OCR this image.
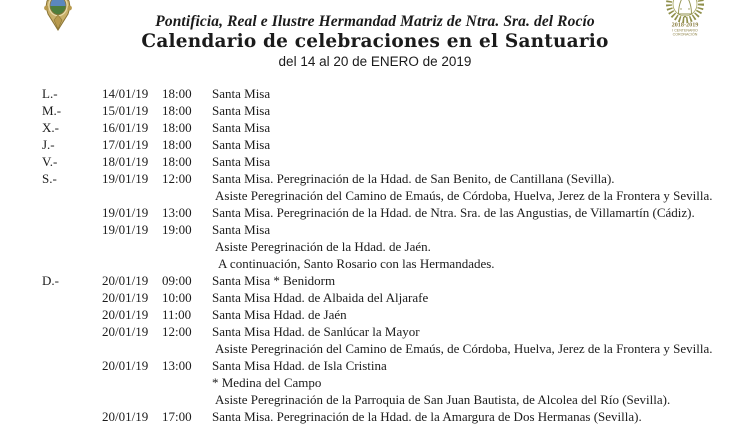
2018-2019
I CENTENARIO
CORONACIÓN
Pontificia, Real e Ilustre Hermandad Matriz de Ntra. Sra. del Rocío
Calendario de celebraciones en el Santuario
del 14 al 20 de ENERO de 2019
L.-	14/01/19	18:00	Santa Misa
M.-	15/01/19	18:00	Santa Misa
X.-	16/01/19	18:00	Santa Misa
J.-	17/01/19	18:00	Santa Misa
V.-	18/01/19	18:00	Santa Misa
S.-	19/01/19	12:00	Santa Misa. Peregrinación de la Hdad. de San Benito, de Cantillana (Sevilla).
			Asiste Peregrinación del Camino de Emaús, de Córdoba, Huelva, Jerez de la Frontera y Sevilla.
	19/01/19	13:00	Santa Misa. Peregrinación de la Hdad. de Ntra. Sra. de las Angustias, de Villamartín (Cádiz).
	19/01/19	19:00	Santa Misa
			Asiste Peregrinación de la Hdad. de Jaén.
			A continuación, Santo Rosario con las Hermandades.
D.-	20/01/19	09:00	Santa Misa * Benidorm
	20/01/19	10:00	Santa Misa Hdad. de Albaida del Aljarafe
	20/01/19	11:00	Santa Misa Hdad. de Jaén
	20/01/19	12:00	Santa Misa Hdad. de Sanlúcar la Mayor
			Asiste Peregrinación del Camino de Emaús, de Córdoba, Huelva, Jerez de la Frontera y Sevilla.
	20/01/19	13:00	Santa Misa Hdad. de Isla Cristina
			* Medina del Campo
			Asiste Peregrinación de la Parroquia de San Juan Bautista, de Alcolea del Río (Sevilla).
	20/01/19	17:00	Santa Misa. Peregrinación de la Hdad. de la Amargura de Dos Hermanas (Sevilla).
